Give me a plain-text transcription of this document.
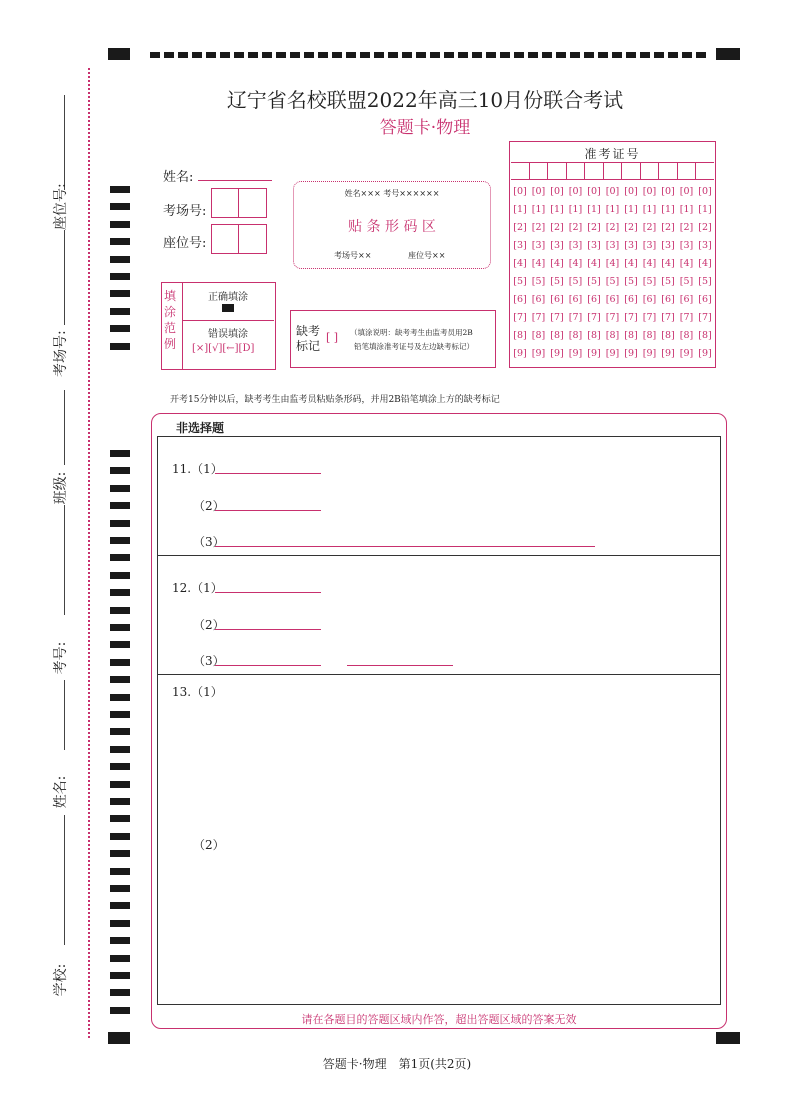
座位号:
考场号:
班级:
考号:
姓名:
学校:
辽宁省名校联盟2022年高三10月份联合考试
答题卡·物理
姓名:
考场号:
座位号:
姓名××× 考号××××××
贴 条 形 码 区
考场号××	座位号××
准考证号
[0] [0] [0] [0] [0] [0] [0] [0] [0] [0] [0]
[1] [1] [1] [1] [1] [1] [1] [1] [1] [1] [1]
[2] [2] [2] [2] [2] [2] [2] [2] [2] [2] [2]
[3] [3] [3] [3] [3] [3] [3] [3] [3] [3] [3]
[4] [4] [4] [4] [4] [4] [4] [4] [4] [4] [4]
[5] [5] [5] [5] [5] [5] [5] [5] [5] [5] [5]
[6] [6] [6] [6] [6] [6] [6] [6] [6] [6] [6]
[7] [7] [7] [7] [7] [7] [7] [7] [7] [7] [7]
[8] [8] [8] [8] [8] [8] [8] [8] [8] [8] [8]
[9] [9] [9] [9] [9] [9] [9] [9] [9] [9] [9]
填涂范例
正确填涂
错误填涂
[×][√][←][D]
缺考标记
[ ] （填涂说明：缺考考生由监考员用2B
铅笔填涂准考证号及左边缺考标记）
开考15分钟以后，缺考考生由监考员粘贴条形码，并用2B铅笔填涂上方的缺考标记
非选择题
11.（1）
（2）
（3）
12.（1）
（2）
（3）
13.（1）
（2）
请在各题目的答题区域内作答，超出答题区域的答案无效
答题卡·物理　第1页(共2页)
